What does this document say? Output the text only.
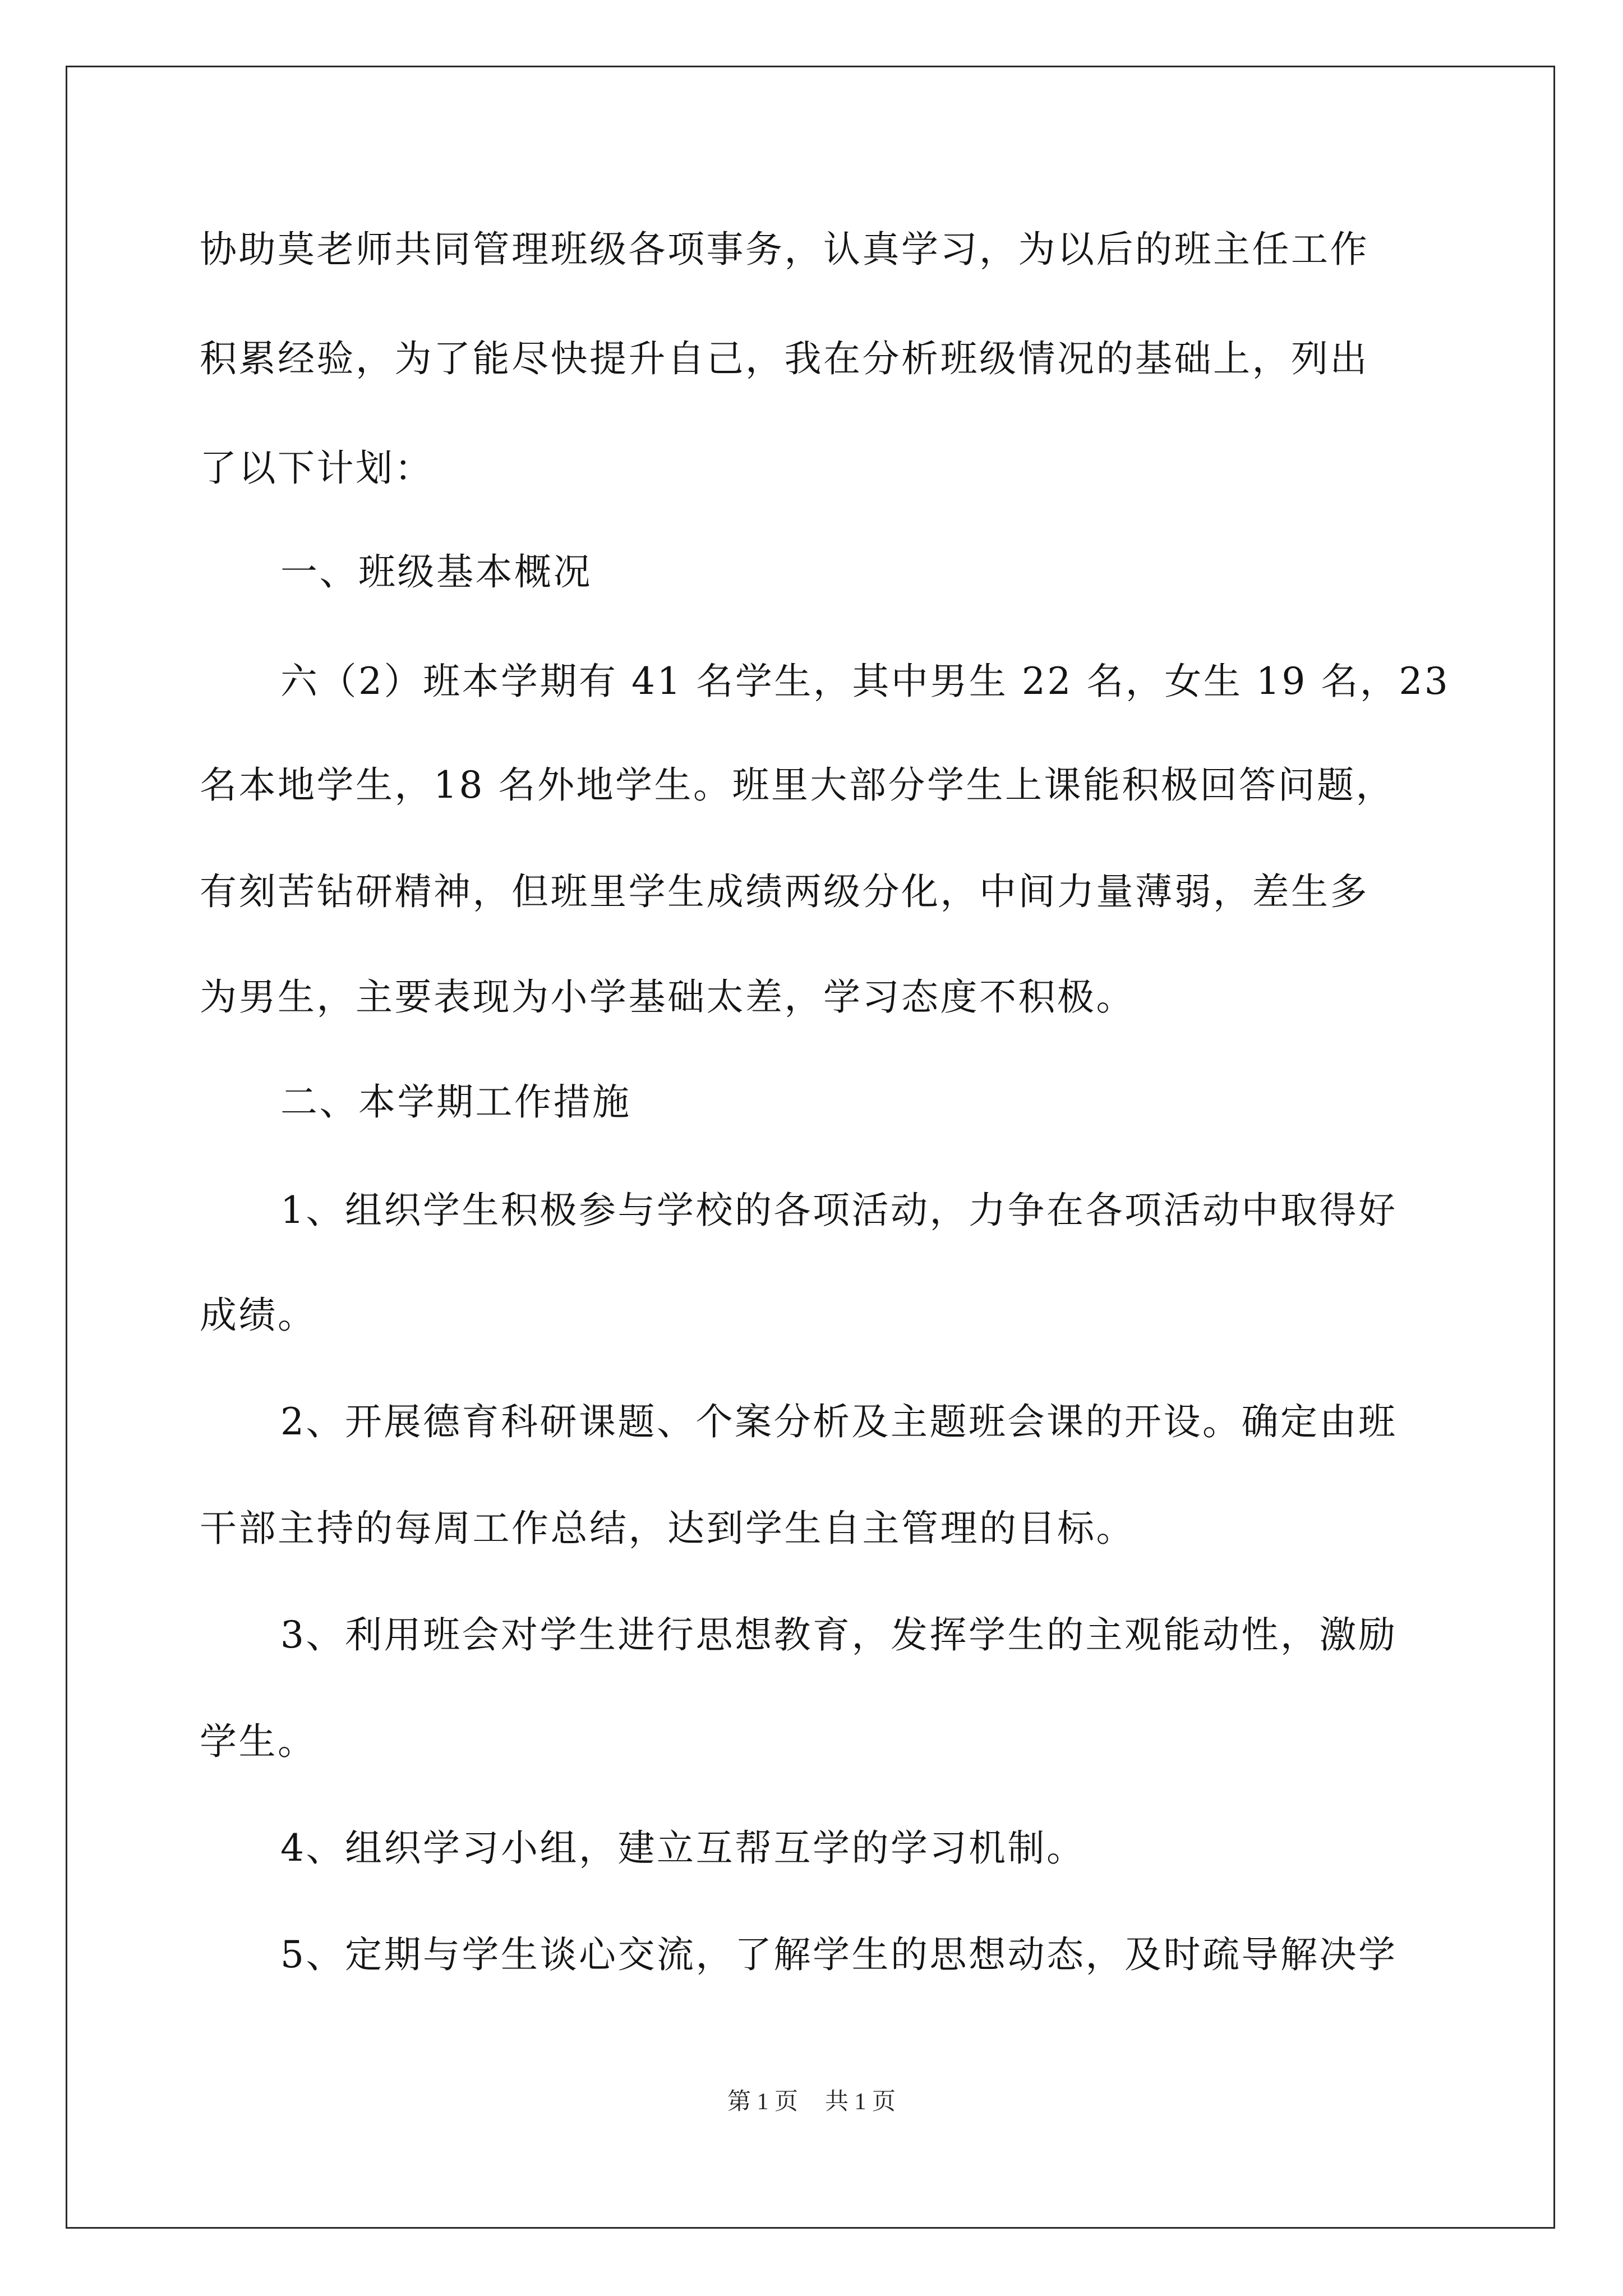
协助莫老师共同管理班级各项事务，认真学习，为以后的班主任工作
积累经验，为了能尽快提升自己，我在分析班级情况的基础上，列出
了以下计划：
一、班级基本概况
六（2）班本学期有 41 名学生，其中男生 22 名，女生 19 名，23
名本地学生，18 名外地学生。班里大部分学生上课能积极回答问题，
有刻苦钻研精神，但班里学生成绩两级分化，中间力量薄弱，差生多
为男生，主要表现为小学基础太差，学习态度不积极。
二、本学期工作措施
1、组织学生积极参与学校的各项活动，力争在各项活动中取得好
成绩。
2、开展德育科研课题、个案分析及主题班会课的开设。确定由班
干部主持的每周工作总结，达到学生自主管理的目标。
3、利用班会对学生进行思想教育，发挥学生的主观能动性，激励
学生。
4、组织学习小组，建立互帮互学的学习机制。
5、定期与学生谈心交流，了解学生的思想动态，及时疏导解决学
第 1 页 共 1 页
